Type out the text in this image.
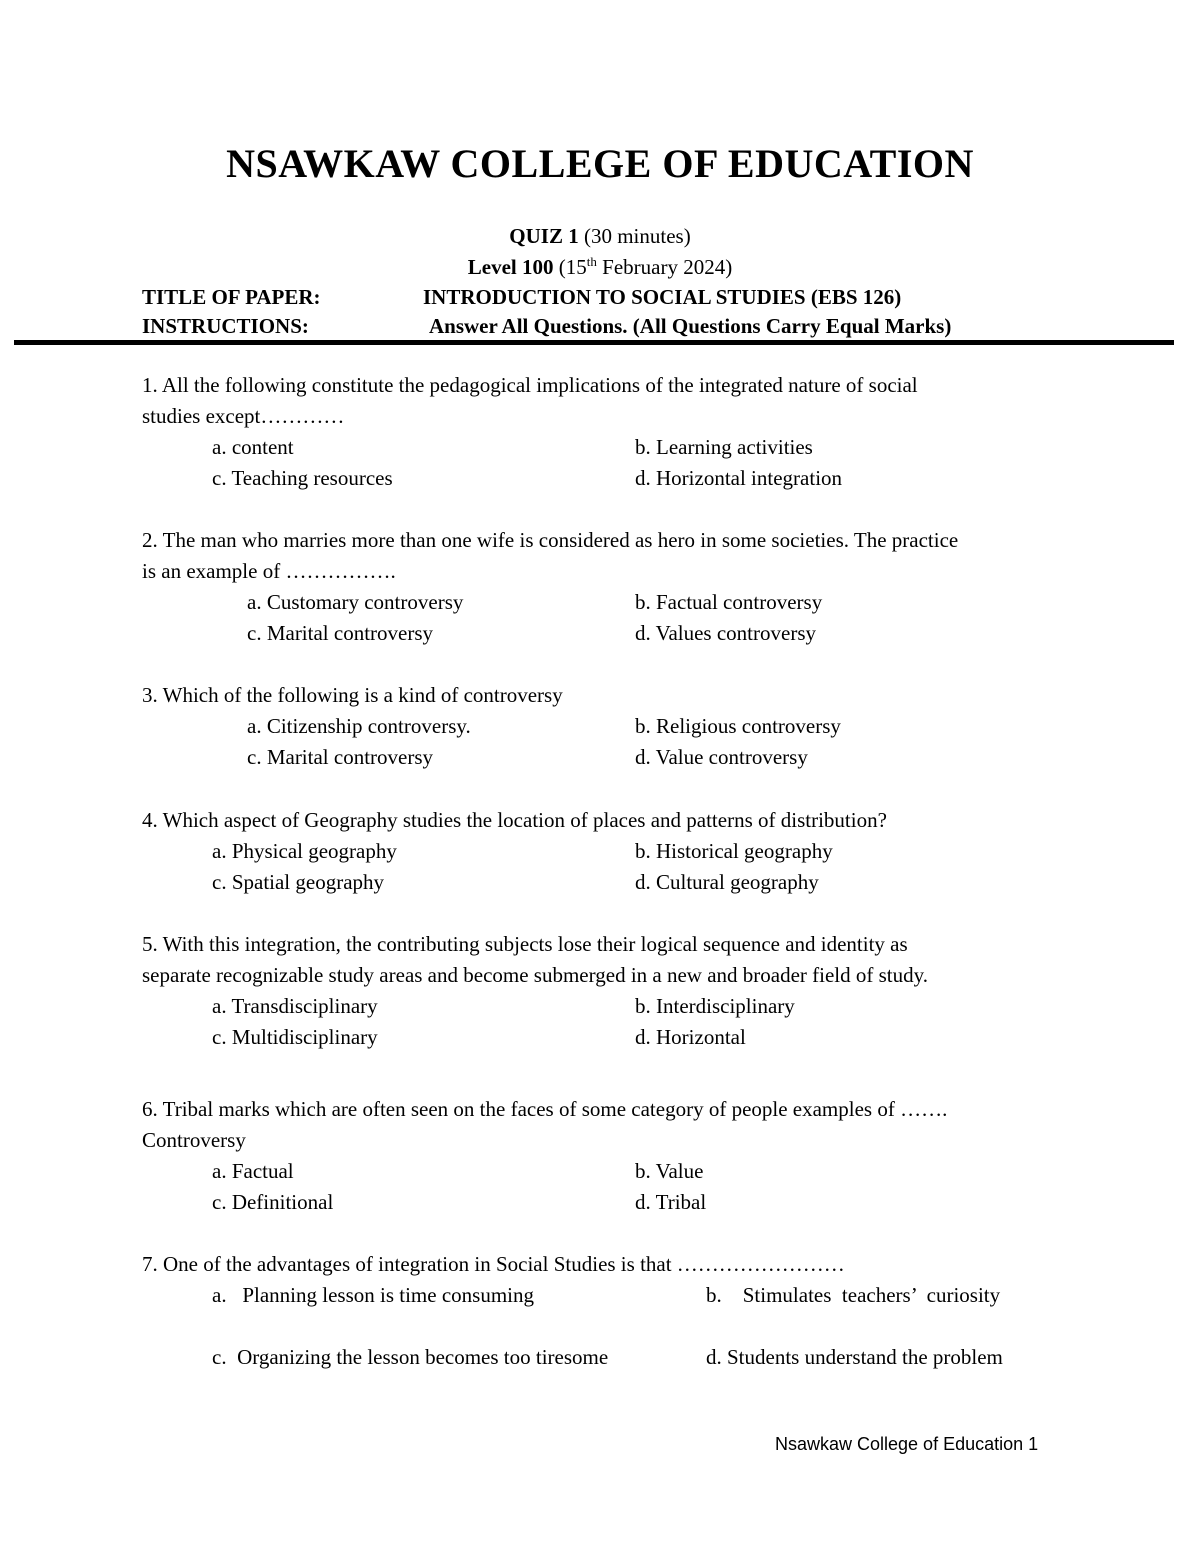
NSAWKAW COLLEGE OF EDUCATION
QUIZ 1 (30 minutes)
Level 100 (15th February 2024)
TITLE OF PAPER:	INTRODUCTION TO SOCIAL STUDIES (EBS 126)
INSTRUCTIONS:	Answer All Questions. (All Questions Carry Equal Marks)
1. All the following constitute the pedagogical implications of the integrated nature of social
studies except…………
a. content	b. Learning activities
c. Teaching resources	d. Horizontal integration
2. The man who marries more than one wife is considered as hero in some societies. The practice
is an example of …………….
a. Customary controversy	b. Factual controversy
c. Marital controversy	d. Values controversy
3. Which of the following is a kind of controversy
a. Citizenship controversy.	b. Religious controversy
c. Marital controversy	d. Value controversy
4. Which aspect of Geography studies the location of places and patterns of distribution?
a. Physical geography	b. Historical geography
c. Spatial geography	d. Cultural geography
5. With this integration, the contributing subjects lose their logical sequence and identity as
separate recognizable study areas and become submerged in a new and broader field of study.
a. Transdisciplinary	b. Interdisciplinary
c. Multidisciplinary	d. Horizontal
6. Tribal marks which are often seen on the faces of some category of people examples of …….
Controversy
a. Factual	b. Value
c. Definitional	d. Tribal
7. One of the advantages of integration in Social Studies is that ……………………
a.   Planning lesson is time consuming	b.    Stimulates  teachers’  curiosity
c.  Organizing the lesson becomes too tiresome	d. Students understand the problem
Nsawkaw College of Education 1
